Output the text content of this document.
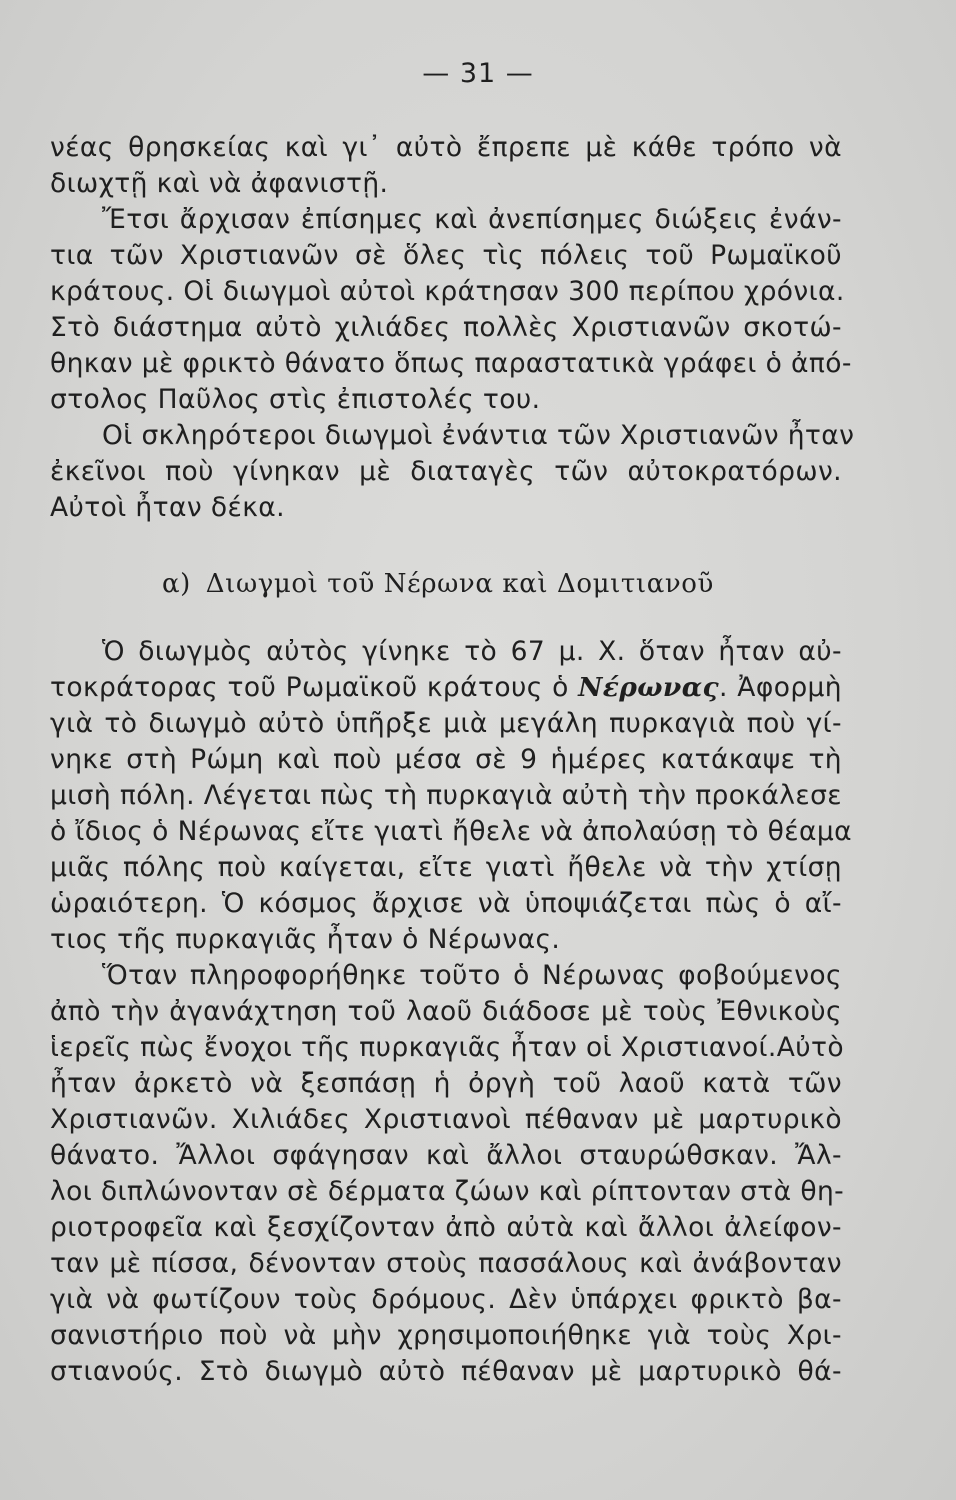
— 31 —
νέας θρησκείας καὶ γι᾽ αὐτὸ ἔπρεπε μὲ κάθε τρόπο νὰ
διωχτῇ καὶ νὰ ἀφανιστῇ.
Ἔτσι ἄρχισαν ἐπίσημες καὶ ἀνεπίσημες διώξεις ἐνάν-
τια τῶν Χριστιανῶν σὲ ὅλες τὶς πόλεις τοῦ Ρωμαϊκοῦ
κράτους. Οἱ διωγμοὶ αὐτοὶ κράτησαν 300 περίπου χρόνια.
Στὸ διάστημα αὐτὸ χιλιάδες πολλὲς Χριστιανῶν σκοτώ-
θηκαν μὲ φρικτὸ θάνατο ὅπως παραστατικὰ γράφει ὁ ἀπό-
στολος Παῦλος στὶς ἐπιστολές του.
Οἱ σκληρότεροι διωγμοὶ ἐνάντια τῶν Χριστιανῶν ἦταν
ἐκεῖνοι ποὺ γίνηκαν μὲ διαταγὲς τῶν αὐτοκρατόρων.
Αὐτοὶ ἦταν δέκα.
α) Διωγμοὶ τοῦ Νέρωνα καὶ Δομιτιανοῦ
Ὁ διωγμὸς αὐτὸς γίνηκε τὸ 67 μ. Χ. ὅταν ἦταν αὐ-
τοκράτορας τοῦ Ρωμαϊκοῦ κράτους ὁ Νέρωνας. Ἀφορμὴ
γιὰ τὸ διωγμὸ αὐτὸ ὑπῆρξε μιὰ μεγάλη πυρκαγιὰ ποὺ γί-
νηκε στὴ Ρώμη καὶ ποὺ μέσα σὲ 9 ἡμέρες κατάκαψε τὴ
μισὴ πόλη. Λέγεται πὼς τὴ πυρκαγιὰ αὐτὴ τὴν προκάλεσε
ὁ ἴδιος ὁ Νέρωνας εἴτε γιατὶ ἤθελε νὰ ἀπολαύσῃ τὸ θέαμα
μιᾶς πόλης ποὺ καίγεται, εἴτε γιατὶ ἤθελε νὰ τὴν χτίσῃ
ὡραιότερη. Ὁ κόσμος ἄρχισε νὰ ὑποψιάζεται πὼς ὁ αἴ-
τιος τῆς πυρκαγιᾶς ἦταν ὁ Νέρωνας.
Ὅταν πληροφορήθηκε τοῦτο ὁ Νέρωνας φοβούμενος
ἀπὸ τὴν ἀγανάχτηση τοῦ λαοῦ διάδοσε μὲ τοὺς Ἐθνικοὺς
ἱερεῖς πὼς ἔνοχοι τῆς πυρκαγιᾶς ἦταν οἱ Χριστιανοί.Αὐτὸ
ἦταν ἀρκετὸ νὰ ξεσπάσῃ ἡ ὀργὴ τοῦ λαοῦ κατὰ τῶν
Χριστιανῶν. Χιλιάδες Χριστιανοὶ πέθαναν μὲ μαρτυρικὸ
θάνατο. Ἄλλοι σφάγησαν καὶ ἄλλοι σταυρώθσκαν. Ἄλ-
λοι διπλώνονταν σὲ δέρματα ζώων καὶ ρίπτονταν στὰ θη-
ριοτροφεῖα καὶ ξεσχίζονταν ἀπὸ αὐτὰ καὶ ἄλλοι ἀλείφον-
ταν μὲ πίσσα, δένονταν στοὺς πασσάλους καὶ ἀνάβονταν
γιὰ νὰ φωτίζουν τοὺς δρόμους. Δὲν ὑπάρχει φρικτὸ βα-
σανιστήριο ποὺ νὰ μὴν χρησιμοποιήθηκε γιὰ τοὺς Χρι-
στιανούς. Στὸ διωγμὸ αὐτὸ πέθαναν μὲ μαρτυρικὸ θά-
